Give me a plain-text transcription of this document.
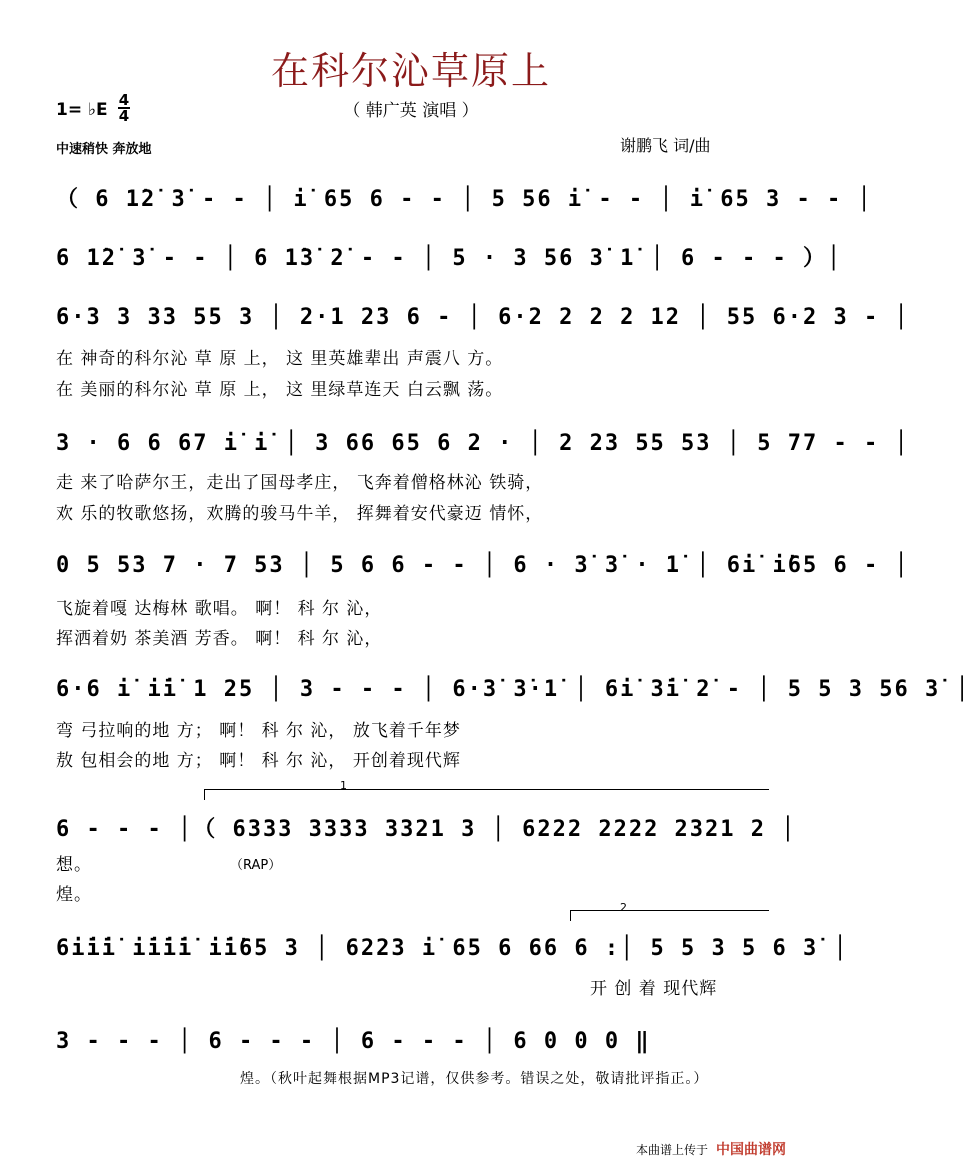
在科尔沁草原上
（ 韩广英 演唱 ）
1= ♭E 4
4
中速稍快 奔放地	谢鹏飞 词/曲
（ 6 1̇2̇ 3̇ - - │ i̇ 65 6 - - │ 5 56 i̇ - - │ i̇ 65 3 - - │
6 1̇2̇ 3̇ - - │ 6 1̇3̇ 2̇ - - │ 5 · 3 56 3̇ 1̇ │ 6 - - - ）│
6·3 3 33 55 3 │ 2·1 23 6 - │ 6·2 2 2 2 12 │ 55 6·2 3 - │
在 神奇的科尔沁 草 原 上， 这 里英雄辈出 声震八 方。
在 美丽的科尔沁 草 原 上， 这 里绿草连天 白云飘 荡。
3 · 6 6 67 i̇ i̇ │ 3 66 65 6 2 · │ 2 23 55 53 │ 5 77 - - │
走 来了哈萨尔王，走出了国母孝庄， 飞奔着僧格林沁 铁骑，
欢 乐的牧歌悠扬，欢腾的骏马牛羊， 挥舞着安代豪迈 情怀，
0 5 53 7 · 7 53 │ 5 6 6 - - │ 6 · 3̇ 3̇ · 1̇ │ 6i̇ i̇65 6 - │
飞旋着嘎 达梅林 歌唱。 啊！ 科 尔 沁，
挥洒着奶 茶美酒 芳香。 啊！ 科 尔 沁，
6·6 i̇ i̇i̇ 1 25 │ 3 - - - │ 6·3̇ 3̇·1̇ │ 6i̇ 3̇i̇ 2̇ - │ 5 5 3 56 3̇ │
弯 弓拉响的地 方； 啊！ 科 尔 沁， 放飞着千年梦
敖 包相会的地 方； 啊！ 科 尔 沁， 开创着现代辉
1
6 - - - │（ 6333 3333 3321 3 │ 6222 2222 2321 2 │
想。	（RAP）
煌。
2
6i̇i̇i̇ i̇i̇i̇i̇ i̇i̇65 3 │ 6223 i̇ 65 6 66 6 :│ 5 5 3 5 6 3̇ │
开 创 着 现代辉
3 - - - │ 6 - - - │ 6 - - - │ 6 0 0 0 ‖
煌。（秋叶起舞根据MP3记谱，仅供参考。错误之处，敬请批评指正。）
本曲谱上传于 中国曲谱网
